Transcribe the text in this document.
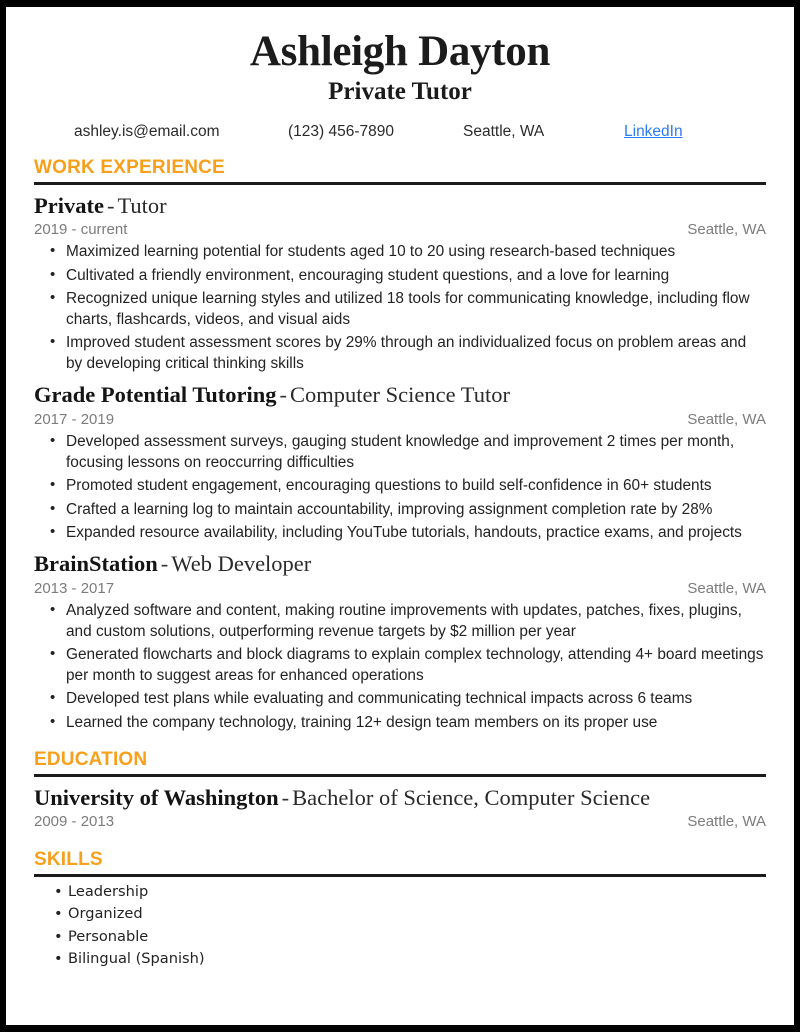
Ashleigh Dayton
Private Tutor
ashley.is@email.com	(123) 456-7890	Seattle, WA	LinkedIn
WORK EXPERIENCE
Private - Tutor
2019 - current	Seattle, WA
• Maximized learning potential for students aged 10 to 20 using research-based techniques
• Cultivated a friendly environment, encouraging student questions, and a love for learning
• Recognized unique learning styles and utilized 18 tools for communicating knowledge, including flow charts, flashcards, videos, and visual aids
• Improved student assessment scores by 29% through an individualized focus on problem areas and by developing critical thinking skills
Grade Potential Tutoring - Computer Science Tutor
2017 - 2019	Seattle, WA
• Developed assessment surveys, gauging student knowledge and improvement 2 times per month, focusing lessons on reoccurring difficulties
• Promoted student engagement, encouraging questions to build self-confidence in 60+ students
• Crafted a learning log to maintain accountability, improving assignment completion rate by 28%
• Expanded resource availability, including YouTube tutorials, handouts, practice exams, and projects
BrainStation - Web Developer
2013 - 2017	Seattle, WA
• Analyzed software and content, making routine improvements with updates, patches, fixes, plugins, and custom solutions, outperforming revenue targets by $2 million per year
• Generated flowcharts and block diagrams to explain complex technology, attending 4+ board meetings per month to suggest areas for enhanced operations
• Developed test plans while evaluating and communicating technical impacts across 6 teams
• Learned the company technology, training 12+ design team members on its proper use
EDUCATION
University of Washington - Bachelor of Science, Computer Science
2009 - 2013	Seattle, WA
SKILLS
• Leadership
• Organized
• Personable
• Bilingual (Spanish)
